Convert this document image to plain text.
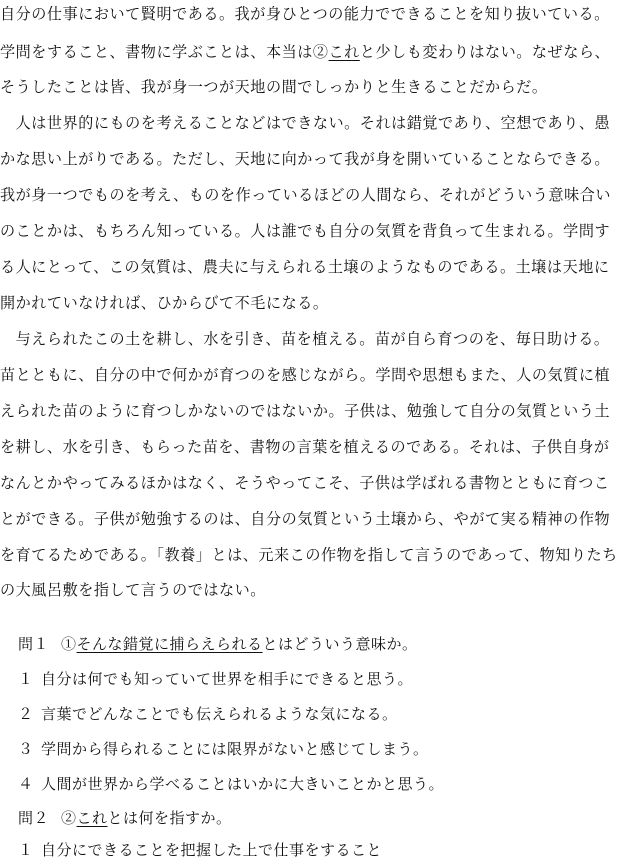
自分の仕事において賢明である。我が身ひとつの能力でできることを知り抜いている。
学問をすること、書物に学ぶことは、本当は②これと少しも変わりはない。なぜなら、
そうしたことは皆、我が身一つが天地の間でしっかりと生きることだからだ。
　人は世界的にものを考えることなどはできない。それは錯覚であり、空想であり、愚
かな思い上がりである。ただし、天地に向かって我が身を開いていることならできる。
我が身一つでものを考え、ものを作っているほどの人間なら、それがどういう意味合い
のことかは、もちろん知っている。人は誰でも自分の気質を背負って生まれる。学問す
る人にとって、この気質は、農夫に与えられる土壌のようなものである。土壌は天地に
開かれていなければ、ひからびて不毛になる。
　与えられたこの土を耕し、水を引き、苗を植える。苗が自ら育つのを、毎日助ける。
苗とともに、自分の中で何かが育つのを感じながら。学問や思想もまた、人の気質に植
えられた苗のように育つしかないのではないか。子供は、勉強して自分の気質という土
を耕し、水を引き、もらった苗を、書物の言葉を植えるのである。それは、子供自身が
なんとかやってみるほかはなく、そうやってこそ、子供は学ばれる書物とともに育つこ
とができる。子供が勉強するのは、自分の気質という土壌から、やがて実る精神の作物
を育てるためである。「教養」とは、元来この作物を指して言うのであって、物知りたち
の大風呂敷を指して言うのではない。
問１ ①そんな錯覚に捕らえられるとはどういう意味か。
１ 自分は何でも知っていて世界を相手にできると思う。
２ 言葉でどんなことでも伝えられるような気になる。
３ 学問から得られることには限界がないと感じてしまう。
４ 人間が世界から学べることはいかに大きいことかと思う。
問２ ②これとは何を指すか。
１ 自分にできることを把握した上で仕事をすること
